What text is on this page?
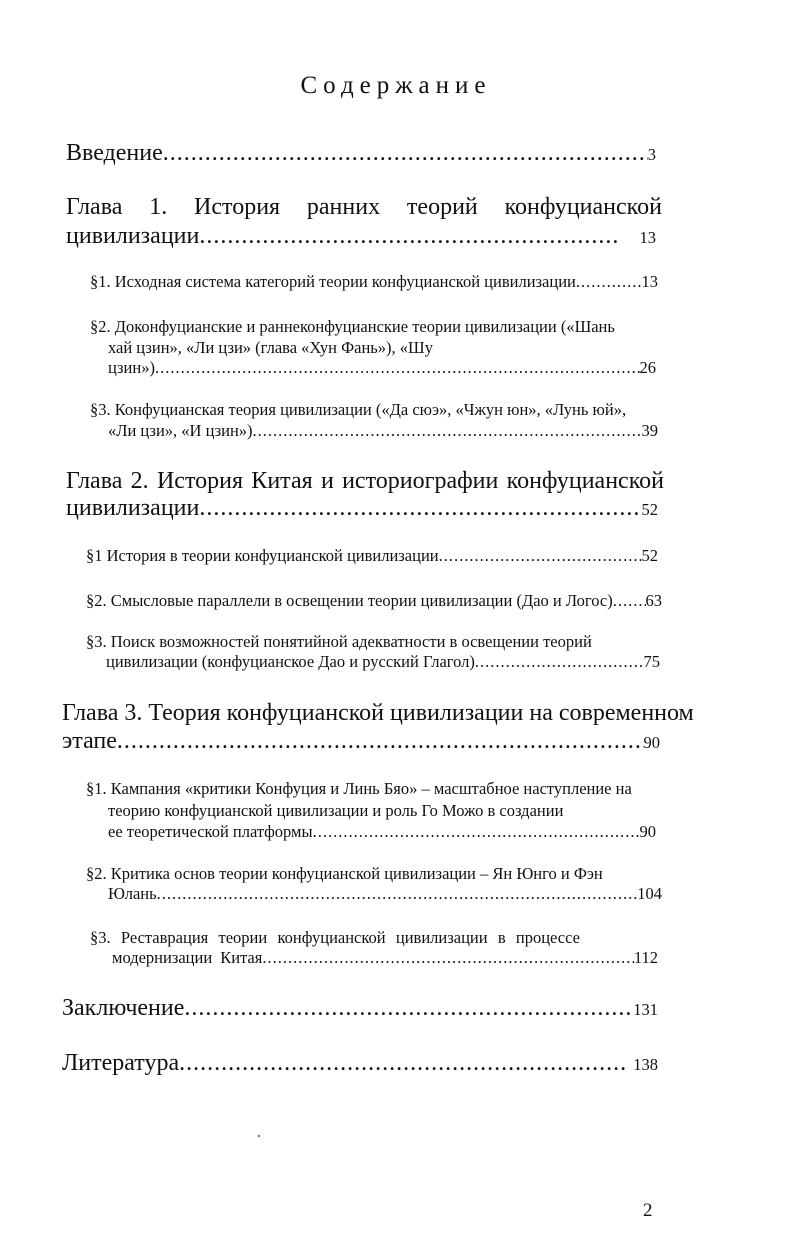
Содержание
Введение .....	3
Глава 1. История ранних теорий конфуцианской
цивилизации .....	13
§1. Исходная система категорий теории конфуцианской цивилизации .....	13
§2. Доконфуцианские и раннеконфуцианские теории цивилизации («Шань
хай цзин», «Ли цзи» (глава «Хун Фань»), «Шу
цзин») .....	26
§3. Конфуцианская теория цивилизации («Да сюэ», «Чжун юн», «Лунь юй»,
«Ли цзи», «И цзин») .....	39
Глава 2. История Китая и историографии конфуцианской
цивилизации .....	52
§1 История в теории конфуцианской цивилизации .....	52
§2. Смысловые параллели в освещении теории цивилизации (Дао и Логос) ..... 63
§3. Поиск возможностей понятийной адекватности в освещении теорий
цивилизации (конфуцианское Дао и русский Глагол) .....	75
Глава 3. Теория конфуцианской цивилизации на современном
этапе .....	90
§1. Кампания «критики Конфуция и Линь Бяо» – масштабное наступление на
теорию конфуцианской цивилизации и роль Го Можо в создании
ее теоретической платформы .....	90
§2. Критика основ теории конфуцианской цивилизации – Ян Юнго и Фэн
Юлань .....	104
§3. Реставрация теории конфуцианской цивилизации в процессе
модернизации Китая .....	112
Заключение .....	131
Литература .....	138
2
